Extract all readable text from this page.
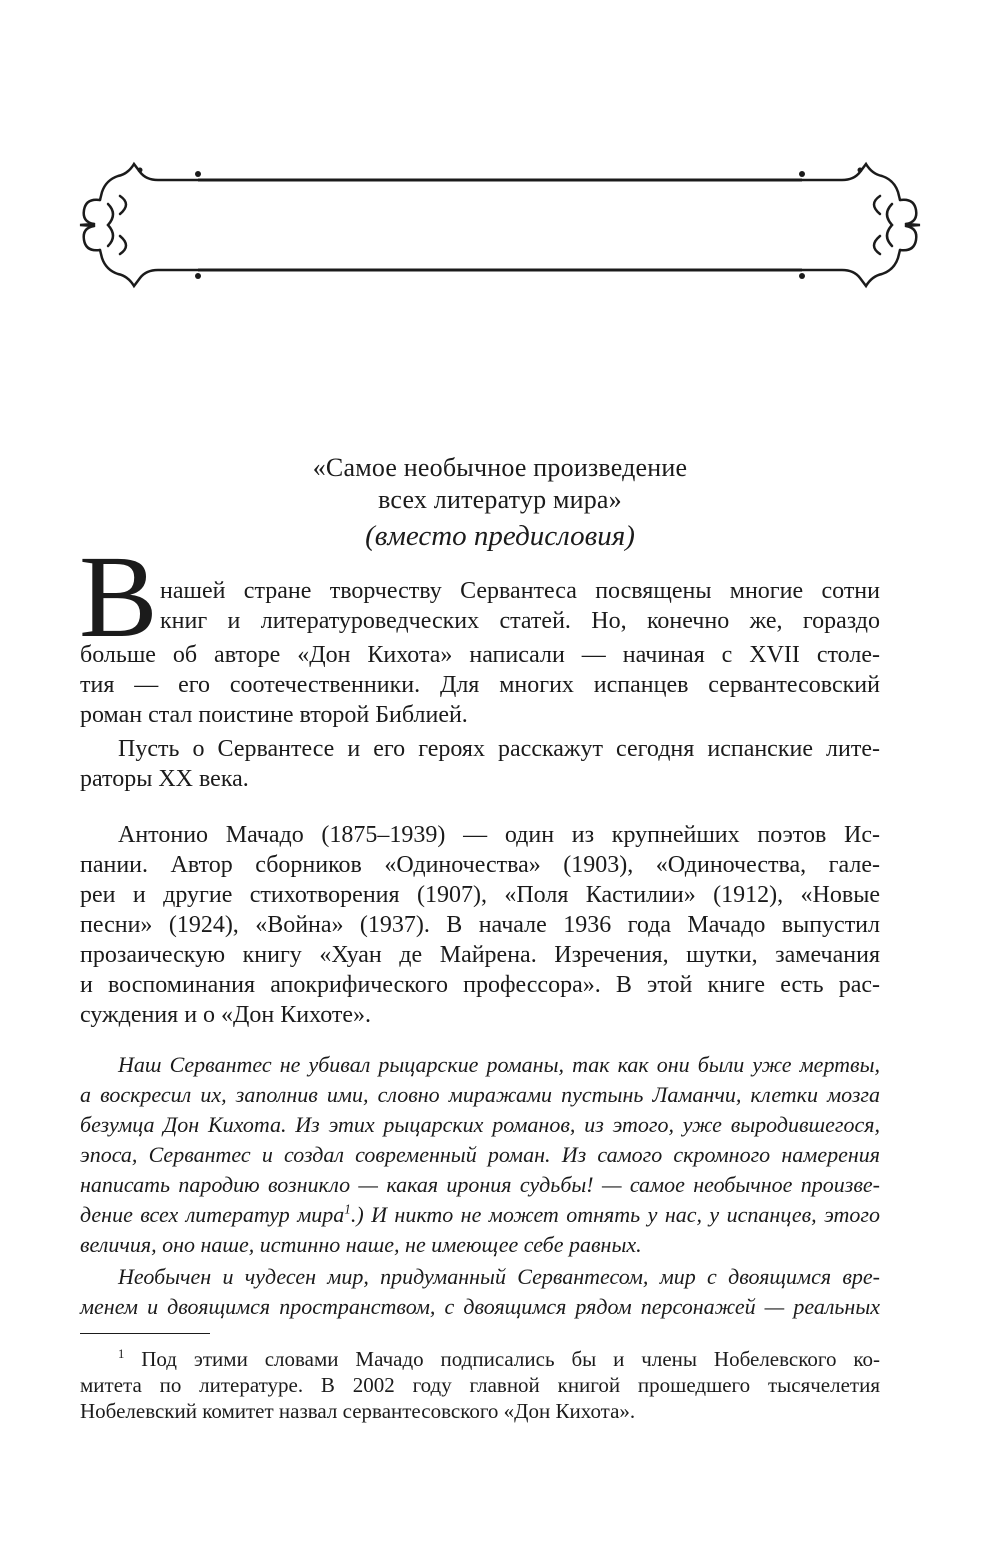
«Самое необычное произведение
всех литератур мира»
(вместо предисловия)
В нашей стране творчеству Сервантеса посвящены многие сотни
книг и литературоведческих статей. Но, конечно же, гораздо
больше об авторе «Дон Кихота» написали — начиная с XVII столе-
тия — его соотечественники. Для многих испанцев сервантесовский
роман стал поистине второй Библией.
Пусть о Сервантесе и его героях расскажут сегодня испанские лите-
раторы XX века.
Антонио Мачадо (1875–1939) — один из крупнейших поэтов Ис-
пании. Автор сборников «Одиночества» (1903), «Одиночества, гале-
реи и другие стихотворения (1907), «Поля Кастилии» (1912), «Новые
песни» (1924), «Война» (1937). В начале 1936 года Мачадо выпустил
прозаическую книгу «Хуан де Майрена. Изречения, шутки, замечания
и воспоминания апокрифического профессора». В этой книге есть рас-
суждения и о «Дон Кихоте».
Наш Сервантес не убивал рыцарские романы, так как они были уже мертвы,
а воскресил их, заполнив ими, словно миражами пустынь Ламанчи, клетки мозга
безумца Дон Кихота. Из этих рыцарских романов, из этого, уже выродившегося,
эпоса, Сервантес и создал современный роман. Из самого скромного намерения
написать пародию возникло — какая ирония судьбы! — самое необычное произве-
дение всех литератур мира$^1$.) И никто не может отнять у нас, у испанцев, этого
величия, оно наше, истинно наше, не имеющее себе равных.
Необычен и чудесен мир, придуманный Сервантесом, мир с двоящимся вре-
менем и двоящимся пространством, с двоящимся рядом персонажей — реальных
$^1$ Под этими словами Мачадо подписались бы и члены Нобелевского ко-
митета по литературе. В 2002 году главной книгой прошедшего тысячелетия
Нобелевский комитет назвал сервантесовского «Дон Кихота».
